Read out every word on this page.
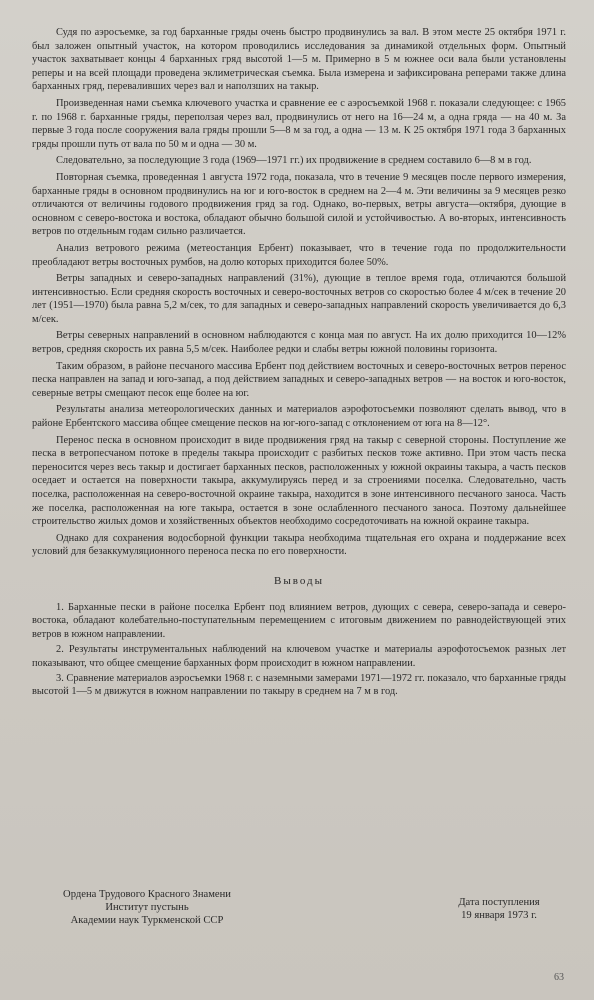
Судя по аэросъемке, за год барханные гряды очень быстро продвинулись за вал. В этом месте 25 октября 1971 г. был заложен опытный участок, на котором проводились исследования за динамикой отдельных форм. Опытный участок захватывает концы 4 барханных гряд высотой 1—5 м. Примерно в 5 м южнее оси вала были установлены реперы и на всей площади проведена эклиметрическая съемка. Была измерена и зафиксирована реперами также длина барханных гряд, переваливших через вал и наползших на такыр.

Произведенная нами съемка ключевого участка и сравнение ее с аэросъемкой 1968 г. показали следующее: с 1965 г. по 1968 г. барханные гряды, переползая через вал, продвинулись от него на 16—24 м, а одна гряда — на 40 м. За первые 3 года после сооружения вала гряды прошли 5—8 м за год, а одна — 13 м. К 25 октября 1971 года 3 барханных гряды прошли путь от вала по 50 м и одна — 30 м.

Следовательно, за последующие 3 года (1969—1971 гг.) их продвижение в среднем составило 6—8 м в год.

Повторная съемка, проведенная 1 августа 1972 года, показала, что в течение 9 месяцев после первого измерения, барханные гряды в основном продвинулись на юг и юго-восток в среднем на 2—4 м. Эти величины за 9 месяцев резко отличаются от величины годового продвижения гряд за год. Однако, во-первых, ветры августа—октября, дующие в основном с северо-востока и востока, обладают обычно большой силой и устойчивостью. А во-вторых, интенсивность ветров по отдельным годам сильно различается.

Анализ ветрового режима (метеостанция Ербент) показывает, что в течение года по продолжительности преобладают ветры восточных румбов, на долю которых приходится более 50%.

Ветры западных и северо-западных направлений (31%), дующие в теплое время года, отличаются большой интенсивностью. Если средняя скорость восточных и северо-восточных ветров со скоростью более 4 м/сек в течение 20 лет (1951—1970) была равна 5,2 м/сек, то для западных и северо-западных направлений скорость увеличивается до 6,3 м/сек.

Ветры северных направлений в основном наблюдаются с конца мая по август. На их долю приходится 10—12% ветров, средняя скорость их равна 5,5 м/сек. Наиболее редки и слабы ветры южной половины горизонта.

Таким образом, в районе песчаного массива Ербент под действием восточных и северо-восточных ветров перенос песка направлен на запад и юго-запад, а под действием западных и северо-западных ветров — на восток и юго-восток, северные ветры смещают песок еще более на юг.

Результаты анализа метеорологических данных и материалов аэрофотосъемки позволяют сделать вывод, что в районе Ербентского массива общее смещение песков на юг-юго-запад с отклонением от юга на 8—12°.

Перенос песка в основном происходит в виде продвижения гряд на такыр с северной стороны. Поступление же песка в ветропесчаном потоке в пределы такыра происходит с разбитых песков тоже активно. При этом часть песка переносится через весь такыр и достигает барханных песков, расположенных у южной окраины такыра, а часть песков оседает и остается на поверхности такыра, аккумулируясь перед и за строениями поселка. Следовательно, часть поселка, расположенная на северо-восточной окраине такыра, находится в зоне интенсивного песчаного заноса. Часть же поселка, расположенная на юге такыра, остается в зоне ослабленного песчаного заноса. Поэтому дальнейшее строительство жилых домов и хозяйственных объектов необходимо сосредоточивать на южной окраине такыра.

Однако для сохранения водосборной функции такыра необходима тщательная его охрана и поддержание всех условий для безаккумуляционного переноса песка по его поверхности.

Выводы

1. Барханные пески в районе поселка Ербент под влиянием ветров, дующих с севера, северо-запада и северо-востока, обладают колебательно-поступательным перемещением с итоговым движением по равнодействующей этих ветров в южном направлении.

2. Результаты инструментальных наблюдений на ключевом участке и материалы аэрофотосъемок разных лет показывают, что общее смещение барханных форм происходит в южном направлении.

3. Сравнение материалов аэросъемки 1968 г. с наземными замерами 1971—1972 гг. показало, что барханные гряды высотой 1—5 м движутся в южном направлении по такыру в среднем на 7 м в год.

Ордена Трудового Красного Знамени
Институт пустынь
Академии наук Туркменской ССР
Дата поступления
19 января 1973 г.
63
